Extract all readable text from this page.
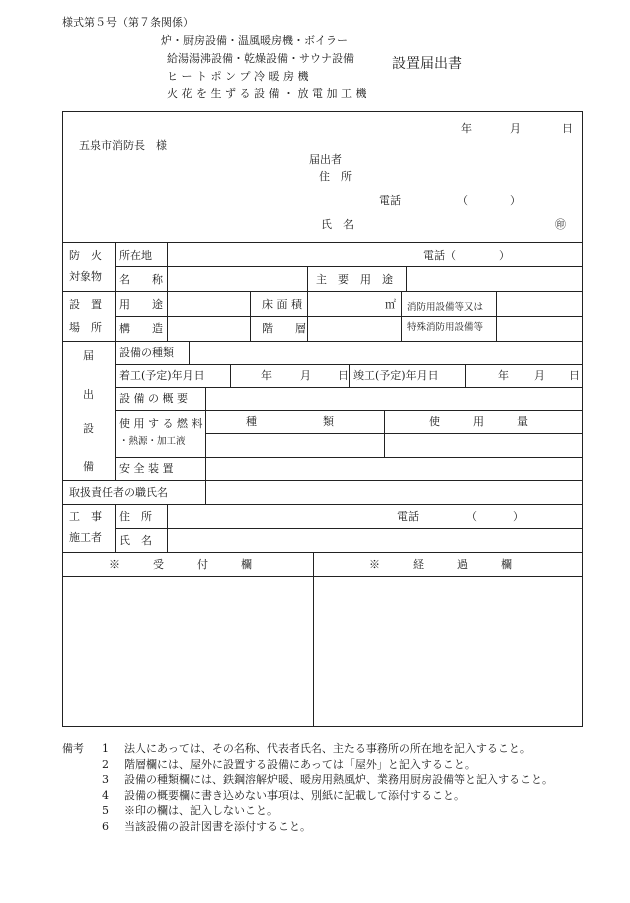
様式第５号（第７条関係）
炉・厨房設備・温風暖房機・ボイラー
給湯湯沸設備・乾燥設備・サウナ設備
ヒ ー ト ポ ン プ 冷 暖 房 機
火 花 を 生 ず る 設 備 ・ 放 電 加 工 機
設置届出書
年	月	日
五泉市消防長　様
届出者
住　所
電話	（	）
氏　名	㊞
防　火
対象物
所在地	電話（	）
名　　称	主　要　用　途
設　置
場　所
用　　途	床 面 積	㎡ 消防用設備等又は
特殊消防用設備等
構　　造	階　　層
届
出
設
備
設備の種類
着工(予定)年月日	年	月 日 竣工(予定)年月日	年 月 日
設 備 の 概 要
使 用 す る 燃 料
・熱源・加工液
種　　　　　　類	使　　　用　　　量
安 全 装 置
取扱責任者の職氏名
工　事
施工者
住　所	電話	（	）
氏　名
※　　　受　　　付　　　欄	※　　　経　　　過　　　欄
備考	1	法人にあっては、その名称、代表者氏名、主たる事務所の所在地を記入すること。
2	階層欄には、屋外に設置する設備にあっては「屋外」と記入すること。
3	設備の種類欄には、鉄鋼溶解炉暖、暖房用熱風炉、業務用厨房設備等と記入すること。
4	設備の概要欄に書き込めない事項は、別紙に記載して添付すること。
5	※印の欄は、記入しないこと。
6	当該設備の設計図書を添付すること。
